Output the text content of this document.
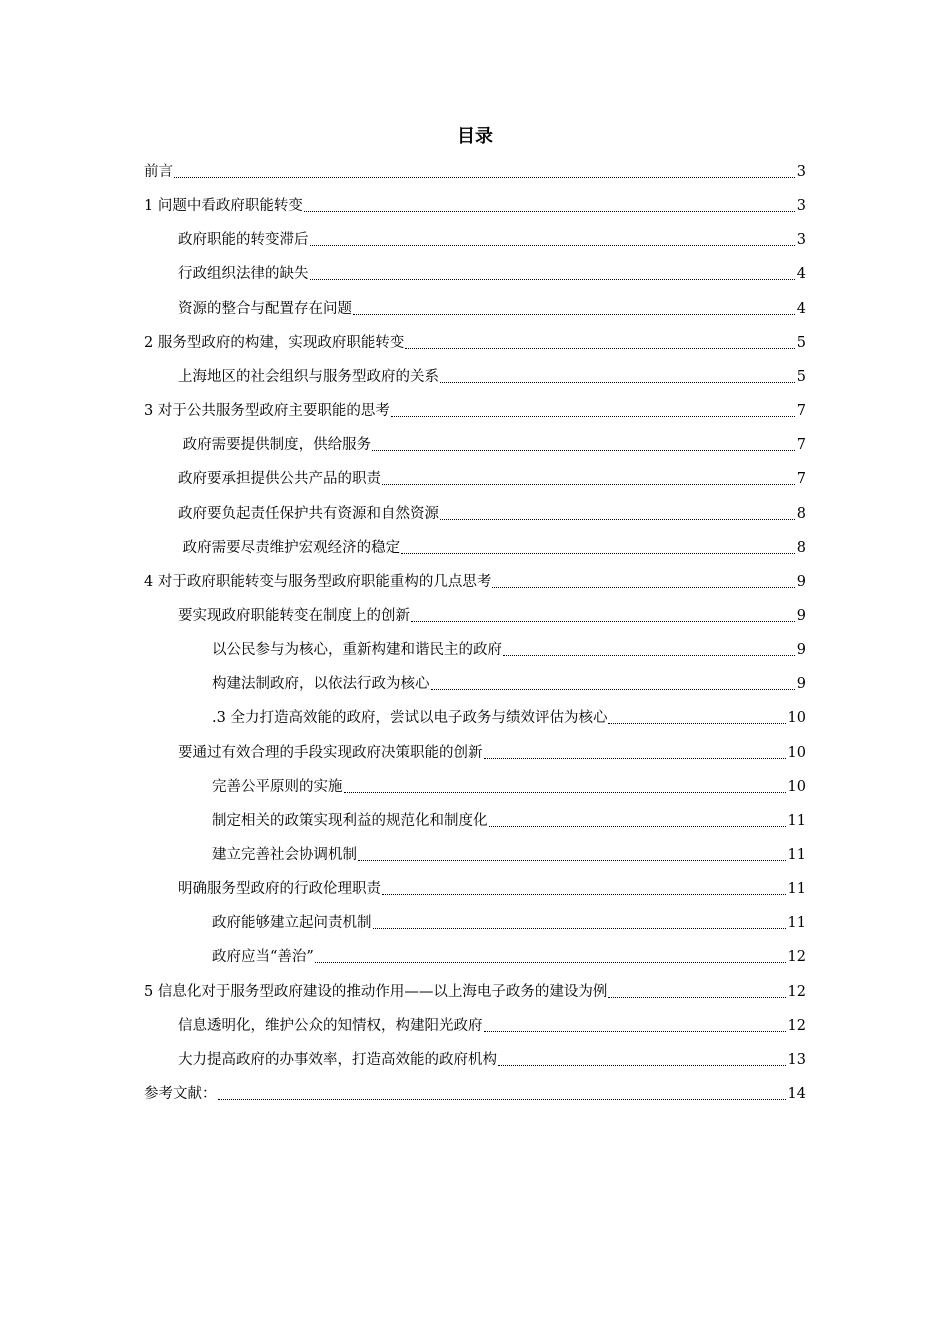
目录
前言	3
1 问题中看政府职能转变	3
政府职能的转变滞后	3
行政组织法律的缺失	4
资源的整合与配置存在问题	4
2 服务型政府的构建，实现政府职能转变	5
上海地区的社会组织与服务型政府的关系	5
3 对于公共服务型政府主要职能的思考	7
政府需要提供制度，供给服务	7
政府要承担提供公共产品的职责	7
政府要负起责任保护共有资源和自然资源	8
政府需要尽责维护宏观经济的稳定	8
4 对于政府职能转变与服务型政府职能重构的几点思考	9
要实现政府职能转变在制度上的创新	9
以公民参与为核心，重新构建和谐民主的政府	9
构建法制政府，以依法行政为核心	9
.3 全力打造高效能的政府，尝试以电子政务与绩效评估为核心	10
要通过有效合理的手段实现政府决策职能的创新	10
完善公平原则的实施	10
制定相关的政策实现利益的规范化和制度化	11
建立完善社会协调机制	11
明确服务型政府的行政伦理职责	11
政府能够建立起问责机制	11
政府应当“善治”	12
5 信息化对于服务型政府建设的推动作用——以上海电子政务的建设为例	12
信息透明化，维护公众的知情权，构建阳光政府	12
大力提高政府的办事效率，打造高效能的政府机构	13
参考文献：	14
